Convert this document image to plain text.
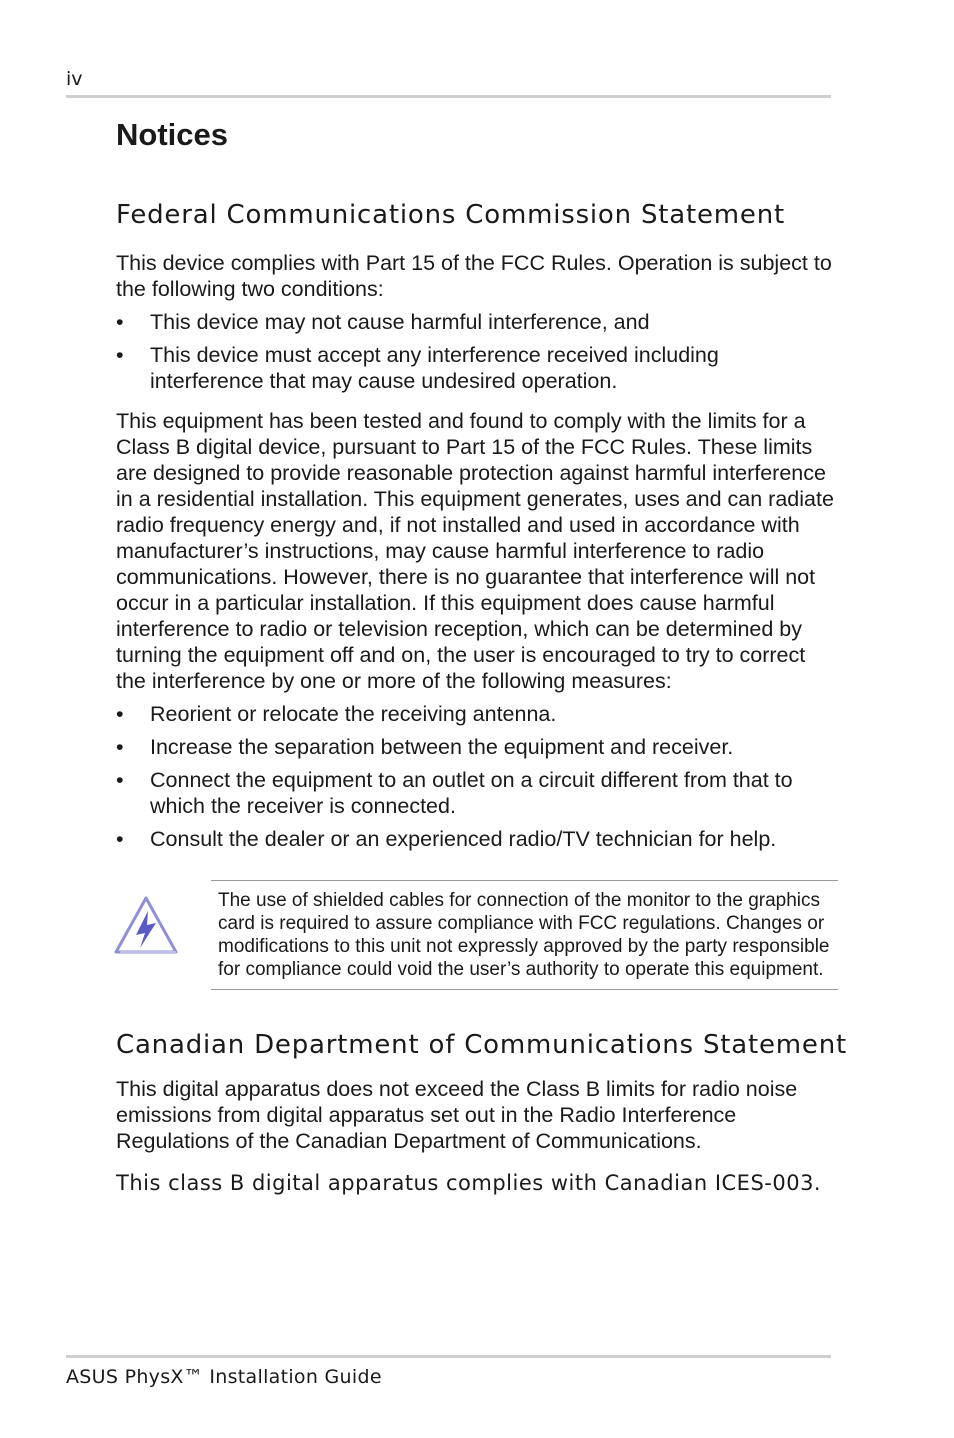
iv
Notices
Federal Communications Commission Statement

This device complies with Part 15 of the FCC Rules. Operation is subject to the following two conditions:

• This device may not cause harmful interference, and
• This device must accept any interference received including interference that may cause undesired operation.

This equipment has been tested and found to comply with the limits for a Class B digital device, pursuant to Part 15 of the FCC Rules. These limits are designed to provide reasonable protection against harmful interference in a residential installation. This equipment generates, uses and can radiate radio frequency energy and, if not installed and used in accordance with manufacturer’s instructions, may cause harmful interference to radio communications. However, there is no guarantee that interference will not occur in a particular installation. If this equipment does cause harmful interference to radio or television reception, which can be determined by turning the equipment off and on, the user is encouraged to try to correct the interference by one or more of the following measures:

• Reorient or relocate the receiving antenna.
• Increase the separation between the equipment and receiver.
• Connect the equipment to an outlet on a circuit different from that to which the receiver is connected.
• Consult the dealer or an experienced radio/TV technician for help.

The use of shielded cables for connection of the monitor to the graphics card is required to assure compliance with FCC regulations. Changes or modifications to this unit not expressly approved by the party responsible for compliance could void the user’s authority to operate this equipment.

Canadian Department of Communications Statement

This digital apparatus does not exceed the Class B limits for radio noise emissions from digital apparatus set out in the Radio Interference Regulations of the Canadian Department of Communications.

This class B digital apparatus complies with Canadian ICES-003.

ASUS PhysX™ Installation Guide
